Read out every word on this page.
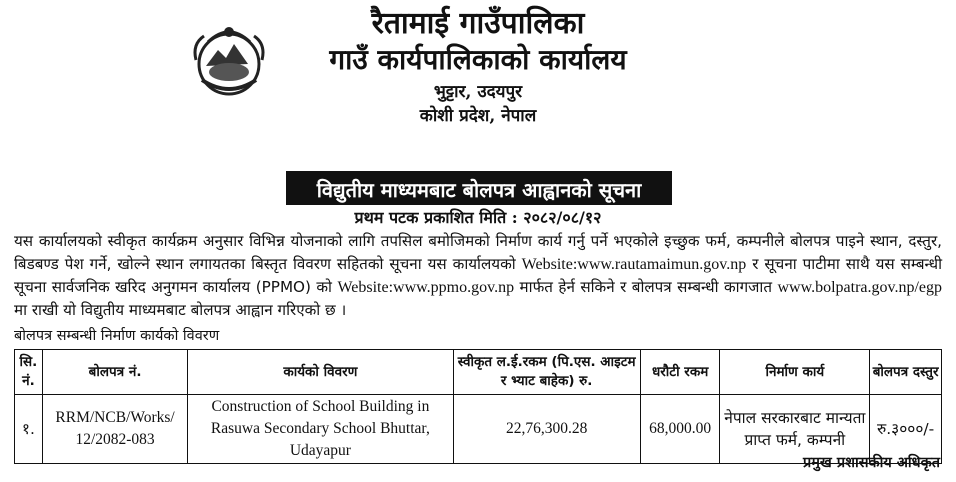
रैतामाई गाउँपालिका
गाउँ कार्यपालिकाको कार्यालय
भुट्टार, उदयपुर
कोशी प्रदेश, नेपाल
विद्युतीय माध्यमबाट बोलपत्र आह्वानको सूचना
प्रथम पटक प्रकाशित मिति : २०८२/०८/१२
यस कार्यालयको स्वीकृत कार्यक्रम अनुसार विभिन्न योजनाको लागि तपसिल बमोजिमको निर्माण कार्य गर्नु पर्ने भएकोले इच्छुक फर्म, कम्पनीले बोलपत्र पाइने स्थान, दस्तुर, बिडबण्ड पेश गर्ने, खोल्ने स्थान लगायतका बिस्तृत विवरण सहितको सूचना यस कार्यालयको Website:www.rautamaimun.gov.np र सूचना पाटीमा साथै यस सम्बन्धी सूचना सार्वजनिक खरिद अनुगमन कार्यालय (PPMO) को Website:www.ppmo.gov.np मार्फत हेर्न सकिने र बोलपत्र सम्बन्धी कागजात www.bolpatra.gov.np/egp मा राखी यो विद्युतीय माध्यमबाट बोलपत्र आह्वान गरिएको छ ।
बोलपत्र सम्बन्धी निर्माण कार्यको विवरण
सि. नं.	बोलपत्र नं.	कार्यको विवरण	स्वीकृत ल.ई.रकम (पि.एस. आइटम र भ्याट बाहेक) रु.	धरौटी रकम	निर्माण कार्य	बोलपत्र दस्तुर
१.	RRM/NCB/Works/ 12/2082-083	Construction of School Building in Rasuwa Secondary School Bhuttar, Udayapur	22,76,300.28	68,000.00	नेपाल सरकारबाट मान्यता प्राप्त फर्म, कम्पनी	रु.३०००/-
प्रमुख प्रशासकीय अधिकृत
